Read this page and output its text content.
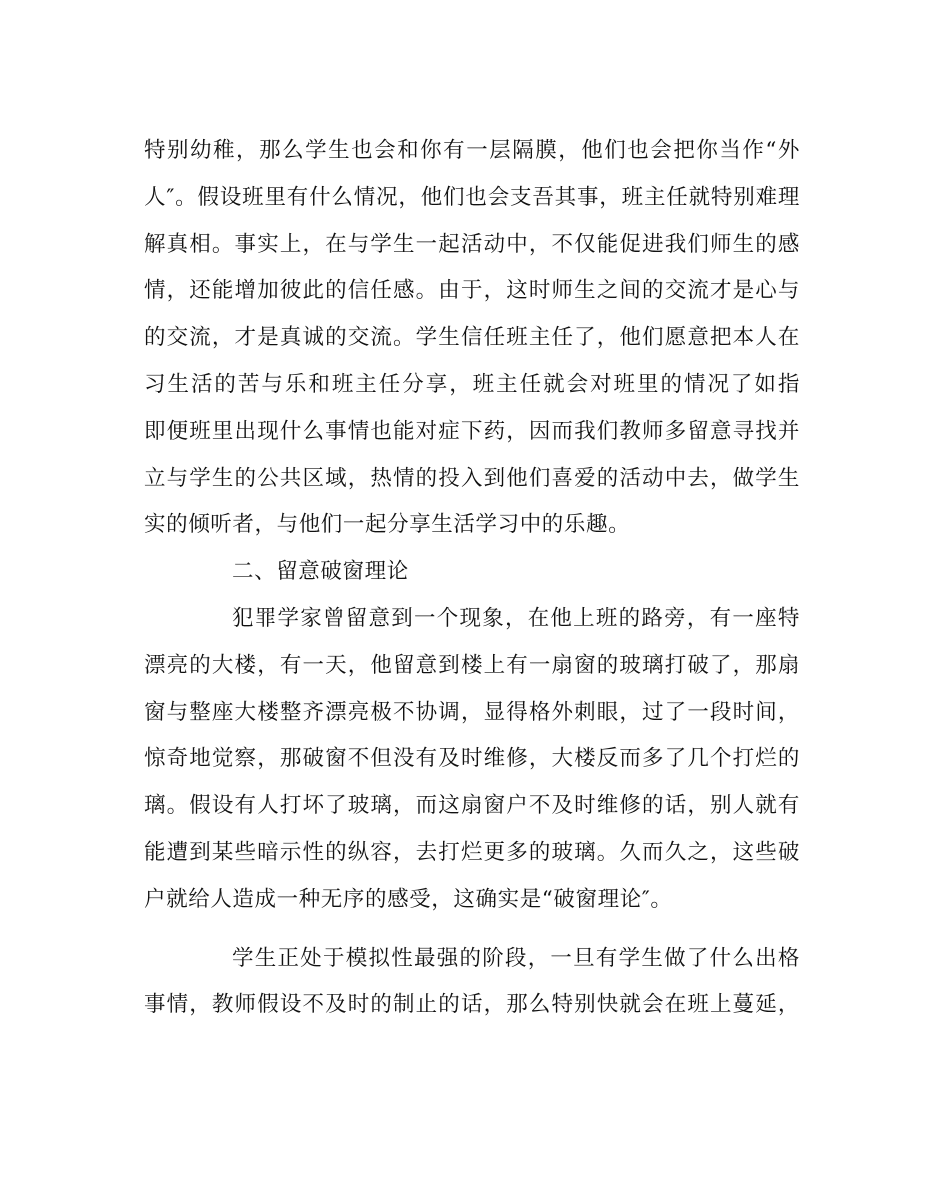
特别幼稚，那么学生也会和你有一层隔膜，他们也会把你当作“外
人″。假设班里有什么情况，他们也会支吾其事，班主任就特别难理
解真相。事实上，在与学生一起活动中，不仅能促进我们师生的感
情，还能增加彼此的信任感。由于，这时师生之间的交流才是心与
的交流，才是真诚的交流。学生信任班主任了，他们愿意把本人在
习生活的苦与乐和班主任分享，班主任就会对班里的情况了如指
即便班里出现什么事情也能对症下药，因而我们教师多留意寻找并
立与学生的公共区域，热情的投入到他们喜爱的活动中去，做学生
实的倾听者，与他们一起分享生活学习中的乐趣。
二、留意破窗理论
犯罪学家曾留意到一个现象，在他上班的路旁，有一座特
漂亮的大楼，有一天，他留意到楼上有一扇窗的玻璃打破了，那扇
窗与整座大楼整齐漂亮极不协调，显得格外刺眼，过了一段时间，
惊奇地觉察，那破窗不但没有及时维修，大楼反而多了几个打烂的
璃。假设有人打坏了玻璃，而这扇窗户不及时维修的话，别人就有
能遭到某些暗示性的纵容，去打烂更多的玻璃。久而久之，这些破
户就给人造成一种无序的感受，这确实是“破窗理论″。
学生正处于模拟性最强的阶段，一旦有学生做了什么出格
事情，教师假设不及时的制止的话，那么特别快就会在班上蔓延，
